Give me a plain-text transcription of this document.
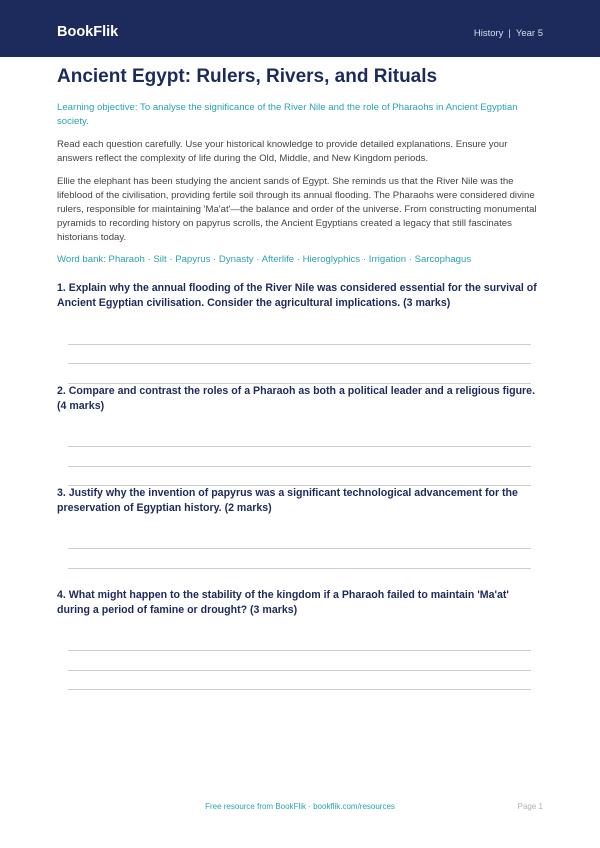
BookFlik	History | Year 5
Ancient Egypt: Rulers, Rivers, and Rituals
Learning objective: To analyse the significance of the River Nile and the role of Pharaohs in Ancient Egyptian society.
Read each question carefully. Use your historical knowledge to provide detailed explanations. Ensure your answers reflect the complexity of life during the Old, Middle, and New Kingdom periods.
Ellie the elephant has been studying the ancient sands of Egypt. She reminds us that the River Nile was the lifeblood of the civilisation, providing fertile soil through its annual flooding. The Pharaohs were considered divine rulers, responsible for maintaining 'Ma'at'—the balance and order of the universe. From constructing monumental pyramids to recording history on papyrus scrolls, the Ancient Egyptians created a legacy that still fascinates historians today.
Word bank: Pharaoh · Silt · Papyrus · Dynasty · Afterlife · Hieroglyphics · Irrigation · Sarcophagus
1. Explain why the annual flooding of the River Nile was considered essential for the survival of Ancient Egyptian civilisation. Consider the agricultural implications. (3 marks)
2. Compare and contrast the roles of a Pharaoh as both a political leader and a religious figure. (4 marks)
3. Justify why the invention of papyrus was a significant technological advancement for the preservation of Egyptian history. (2 marks)
4. What might happen to the stability of the kingdom if a Pharaoh failed to maintain 'Ma'at' during a period of famine or drought? (3 marks)
Free resource from BookFlik · bookflik.com/resources	Page 1
